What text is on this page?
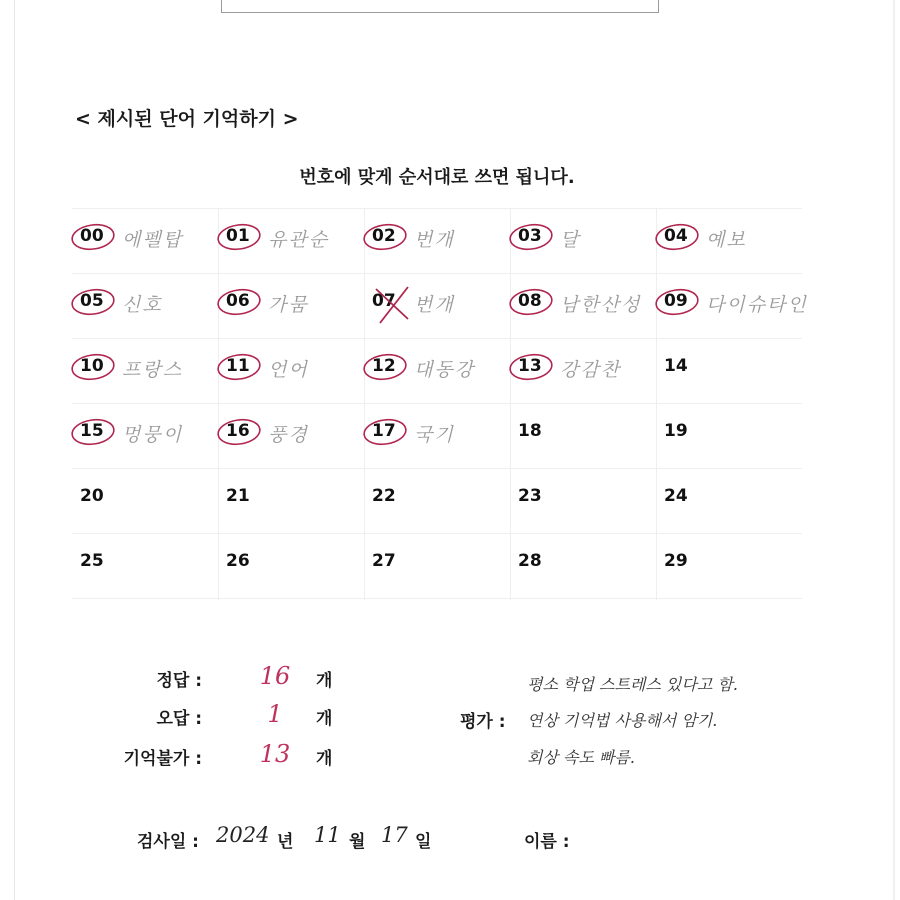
< 제시된 단어 기억하기 >
번호에 맞게 순서대로 쓰면 됩니다.
00 에펠탑	01 유관순	02 번개	03 달	04 예보
05 신호	06 가뭄	07 번개	08 남한산성 09 다이슈타인
10 프랑스	11 언어	12 대동강	13 강감찬	14
15 멍뭉이	16 풍경	17 국기	18	19
20	21	22	23	24
25	26	27	28	29
정답 :	16	개
오답 :	1	개
기억불가 :	13	개
평가 :
평소 학업 스트레스 있다고 함.
연상 기억법 사용해서 암기.
회상 속도 빠름.
검사일 : 2024 년 11 월 17 일	이름 :
